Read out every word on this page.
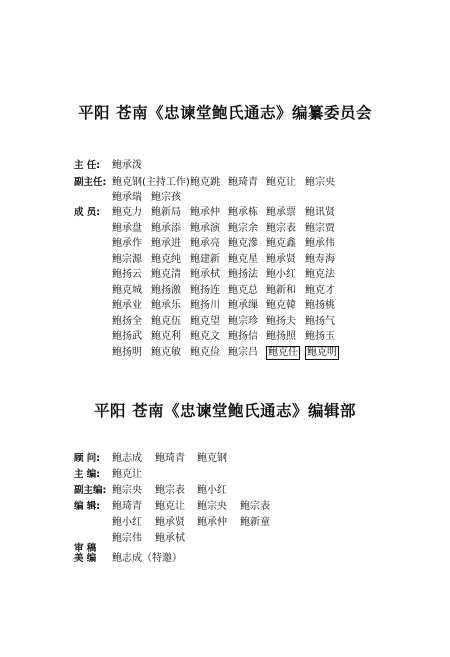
平阳 苍南《忠谏堂鲍氏通志》编纂委员会
主 任: 鲍承泼
副主任: 鲍克钢(主持工作) 鲍克跳 鲍琦青 鲍克让 鲍宗央
鲍承瑞 鲍宗孩
成 员: 鲍克力 鲍新局 鲍承仲 鲍承栋 鲍承票 鲍讯贤
鲍承盘 鲍承添 鲍承演 鲍宗余 鲍宗表 鲍宗贾
鲍承作 鲍承进 鲍承亮 鲍克滲 鲍克鑫 鲍承伟
鲍宗源 鲍克纯 鲍建新 鲍克星 鲍承贤 鲍寿海
鲍扬云 鲍克清 鲍承栻 鲍扬法 鲍小红 鲍克法
鲍克城 鲍扬激 鲍扬连 鲍克总 鲍新和 鲍克才
鲍承业 鲍承乐 鲍扬川 鲍承缫 鲍克韓 鲍扬桃
鲍扬全 鲍克伍 鲍克望 鲍宗珍 鲍扬夫 鲍扬气
鲍扬武 鲍克利 鲍克文 鲍扬信 鲍扬照 鲍扬玉
鲍扬明 鲍克敏 鲍克俭 鲍宗吕 鲍克任 鲍克明
平阳 苍南《忠谏堂鲍氏通志》编辑部
顾 问: 鲍志成 鲍琦青 鲍克钢
主 编: 鲍克让
副主编: 鲍宗央 鲍宗表 鲍小红
编 辑: 鲍琦青 鲍克让 鲍宗央 鲍宗表
鲍小红 鲍承贤 鲍承仲 鲍新童
鲍宗伟 鲍承栻
审 稿
美 编 鲍志成（特邀）
